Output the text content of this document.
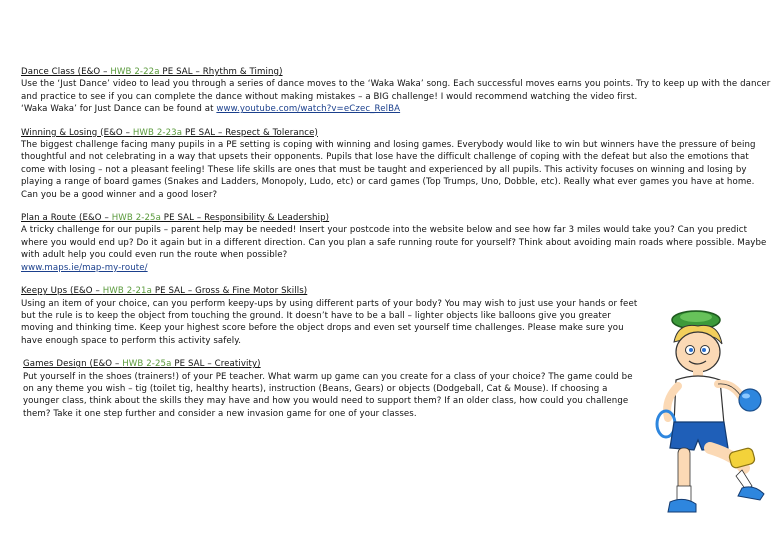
Dance Class (E&O – HWB 2-22a PE SAL – Rhythm & Timing)

Use the ‘Just Dance’ video to lead you through a series of dance moves to the ‘Waka Waka’ song. Each successful moves earns you points. Try to keep up with the dancer and practice to see if you can complete the dance without making mistakes – a BIG challenge! I would recommend watching the video first.

‘Waka Waka’ for Just Dance can be found at www.youtube.com/watch?v=eCzec_RelBA

Winning & Losing (E&O – HWB 2-23a PE SAL – Respect & Tolerance)

The biggest challenge facing many pupils in a PE setting is coping with winning and losing games. Everybody would like to win but winners have the pressure of being thoughtful and not celebrating in a way that upsets their opponents. Pupils that lose have the difficult challenge of coping with the defeat but also the emotions that come with losing – not a pleasant feeling! These life skills are ones that must be taught and experienced by all pupils. This activity focuses on winning and losing by playing a range of board games (Snakes and Ladders, Monopoly, Ludo, etc) or card games (Top Trumps, Uno, Dobble, etc). Really what ever games you have at home. Can you be a good winner and a good loser?

Plan a Route (E&O – HWB 2-25a PE SAL – Responsibility & Leadership)

A tricky challenge for our pupils – parent help may be needed! Insert your postcode into the website below and see how far 3 miles would take you? Can you predict where you would end up? Do it again but in a different direction. Can you plan a safe running route for yourself? Think about avoiding main roads where possible. Maybe with adult help you could even run the route when possible?

www.maps.ie/map-my-route/

Keepy Ups (E&O – HWB 2-21a PE SAL – Gross & Fine Motor Skills)

Using an item of your choice, can you perform keepy-ups by using different parts of your body? You may wish to just use your hands or feet but the rule is to keep the object from touching the ground. It doesn’t have to be a ball – lighter objects like balloons give you greater moving and thinking time. Keep your highest score before the object drops and even set yourself time challenges. Please make sure you have enough space to perform this activity safely.

Games Design (E&O – HWB 2-25a PE SAL – Creativity)

Put yourself in the shoes (trainers!) of your PE teacher. What warm up game can you create for a class of your choice? The game could be on any theme you wish – tig (toilet tig, healthy hearts), instruction (Beans, Gears) or objects (Dodgeball, Cat & Mouse). If choosing a younger class, think about the skills they may have and how you would need to support them? If an older class, how could you challenge them? Take it one step further and consider a new invasion game for one of your classes.
